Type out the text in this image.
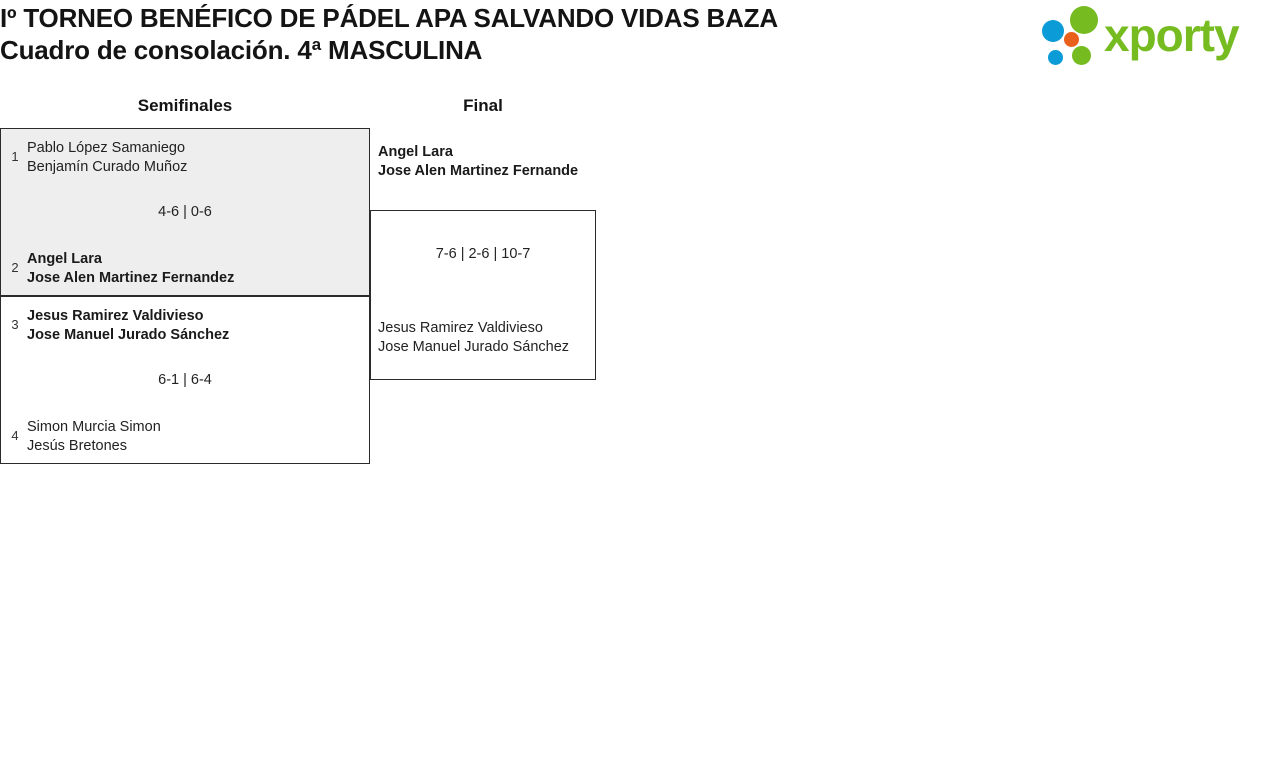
Iº TORNEO BENÉFICO DE PÁDEL APA SALVANDO VIDAS BAZA
Cuadro de consolación. 4ª MASCULINA	xporty
Semifinales	Final
1
Pablo López Samaniego
Benjamín Curado Muñoz
4-6 | 0-6
2
Angel Lara
Jose Alen Martinez Fernandez
3
Jesus Ramirez Valdivieso
Jose Manuel Jurado Sánchez
6-1 | 6-4
4
Simon Murcia Simon
Jesús Bretones
Angel Lara
Jose Alen Martinez Fernande
7-6 | 2-6 | 10-7
Jesus Ramirez Valdivieso
Jose Manuel Jurado Sánchez
